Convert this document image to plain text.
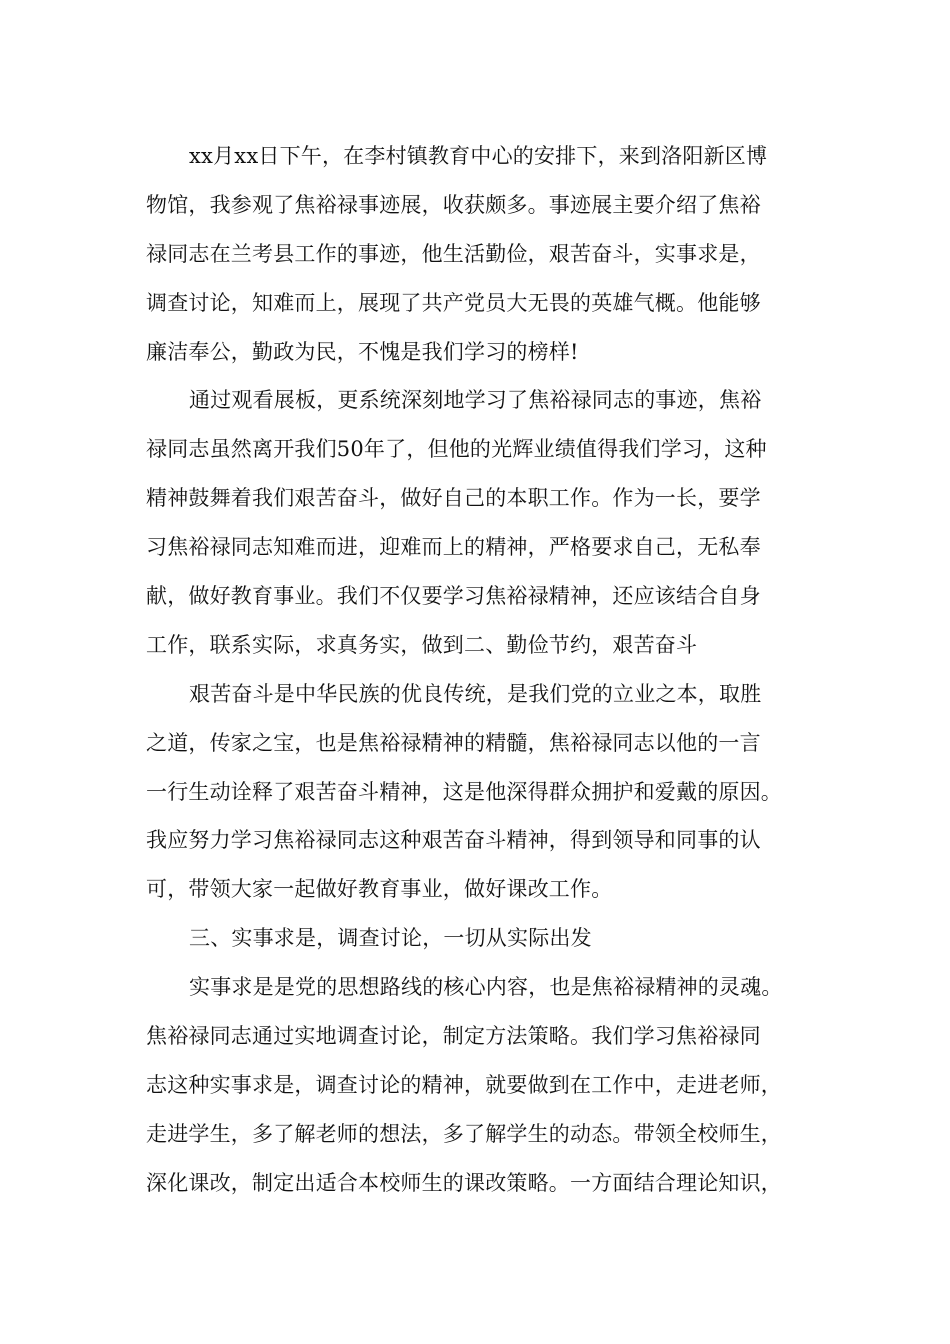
xx月xx日下午，在李村镇教育中心的安排下，来到洛阳新区博
物馆，我参观了焦裕禄事迹展，收获颇多。事迹展主要介绍了焦裕
禄同志在兰考县工作的事迹，他生活勤俭，艰苦奋斗，实事求是，
调查讨论，知难而上，展现了共产党员大无畏的英雄气概。他能够
廉洁奉公，勤政为民，不愧是我们学习的榜样!
通过观看展板，更系统深刻地学习了焦裕禄同志的事迹，焦裕
禄同志虽然离开我们50年了，但他的光辉业绩值得我们学习，这种
精神鼓舞着我们艰苦奋斗，做好自己的本职工作。作为一长，要学
习焦裕禄同志知难而进，迎难而上的精神，严格要求自己，无私奉
献，做好教育事业。我们不仅要学习焦裕禄精神，还应该结合自身
工作，联系实际，求真务实，做到二、勤俭节约，艰苦奋斗
艰苦奋斗是中华民族的优良传统，是我们党的立业之本，取胜
之道，传家之宝，也是焦裕禄精神的精髓，焦裕禄同志以他的一言
一行生动诠释了艰苦奋斗精神，这是他深得群众拥护和爱戴的原因。
我应努力学习焦裕禄同志这种艰苦奋斗精神，得到领导和同事的认
可，带领大家一起做好教育事业，做好课改工作。
三、实事求是，调查讨论，一切从实际出发
实事求是是党的思想路线的核心内容，也是焦裕禄精神的灵魂。
焦裕禄同志通过实地调查讨论，制定方法策略。我们学习焦裕禄同
志这种实事求是，调查讨论的精神，就要做到在工作中，走进老师，
走进学生，多了解老师的想法，多了解学生的动态。带领全校师生，
深化课改，制定出适合本校师生的课改策略。一方面结合理论知识，
